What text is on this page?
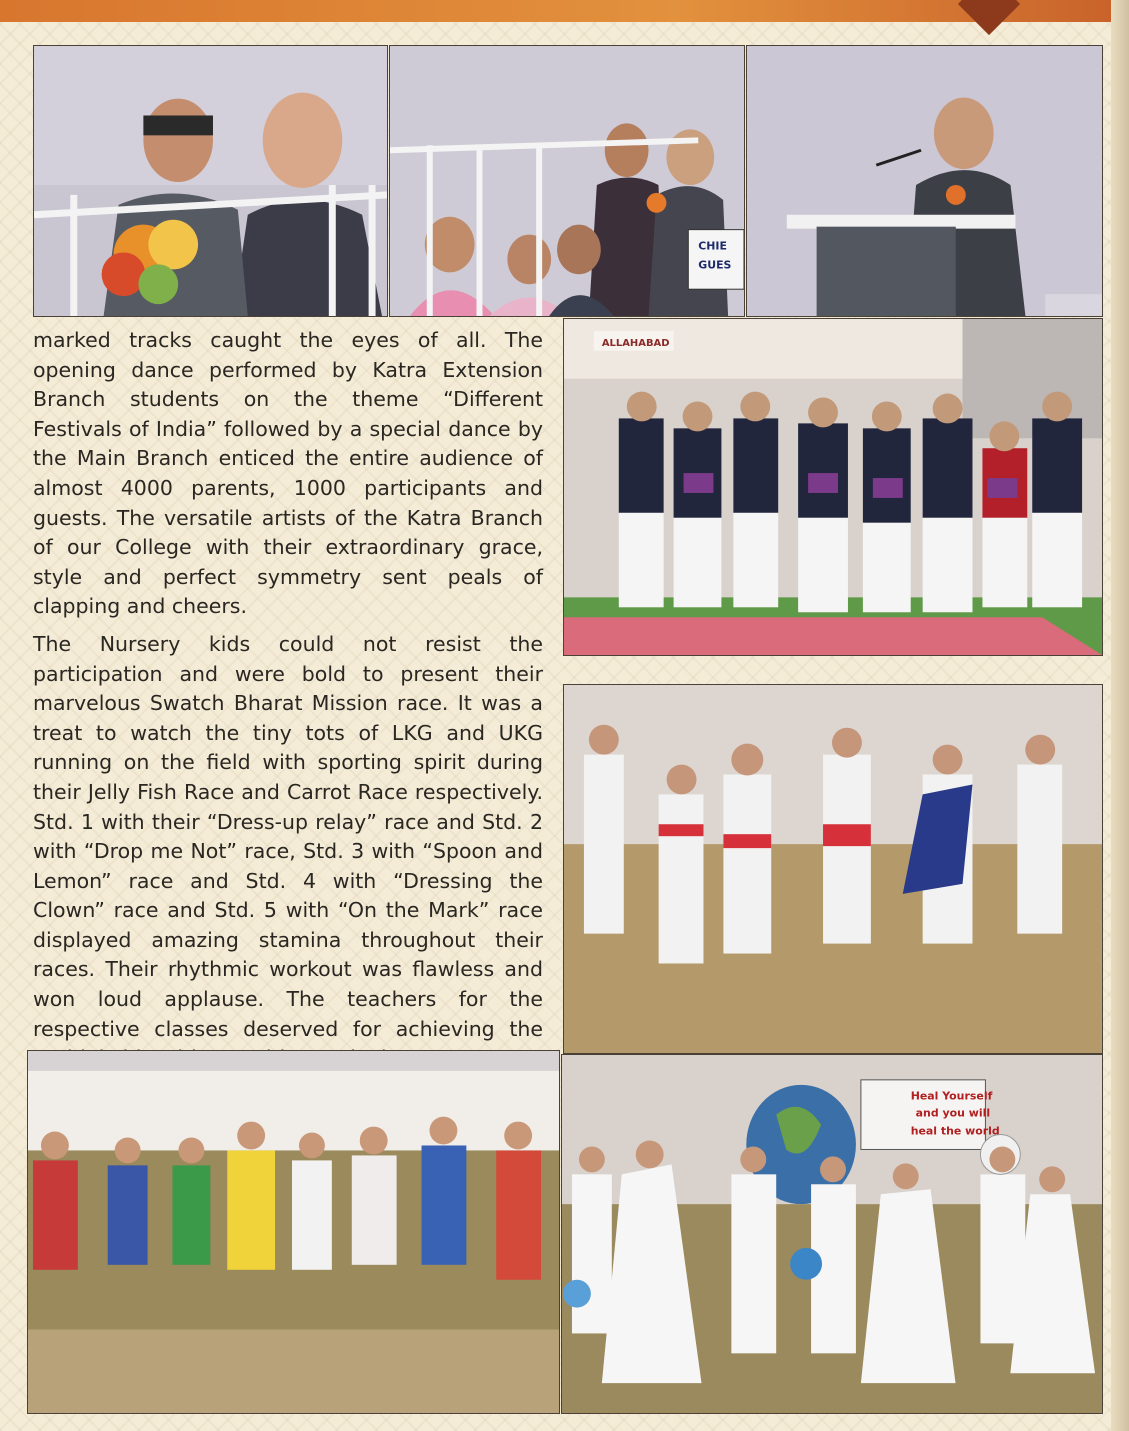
CHIE
GUES

marked tracks caught the eyes of all. The opening dance performed by Katra Extension Branch students on the theme “Different Festivals of India” followed by a special dance by the Main Branch enticed the entire audience of almost 4000 parents, 1000 participants and guests. The versatile artists of the Katra Branch of our College with their extraordinary grace, style and perfect symmetry sent peals of clapping and cheers.

The Nursery kids could not resist the participation and were bold to present their marvelous Swatch Bharat Mission race. It was a treat to watch the tiny tots of LKG and UKG running on the field with sporting spirit during their Jelly Fish Race and Carrot Race respectively. Std. 1 with their “Dress-up relay” race and Std. 2 with “Drop me Not” race, Std. 3 with “Spoon and Lemon” race and Std. 4 with “Dressing the Clown” race and Std. 5 with “On the Mark” race displayed amazing stamina throughout their races. Their rhythmic workout was flawless and won loud applause. The teachers for the respective classes deserved for achieving the

ALLAHABAD
Heal Yourself
and you will
heal the world
